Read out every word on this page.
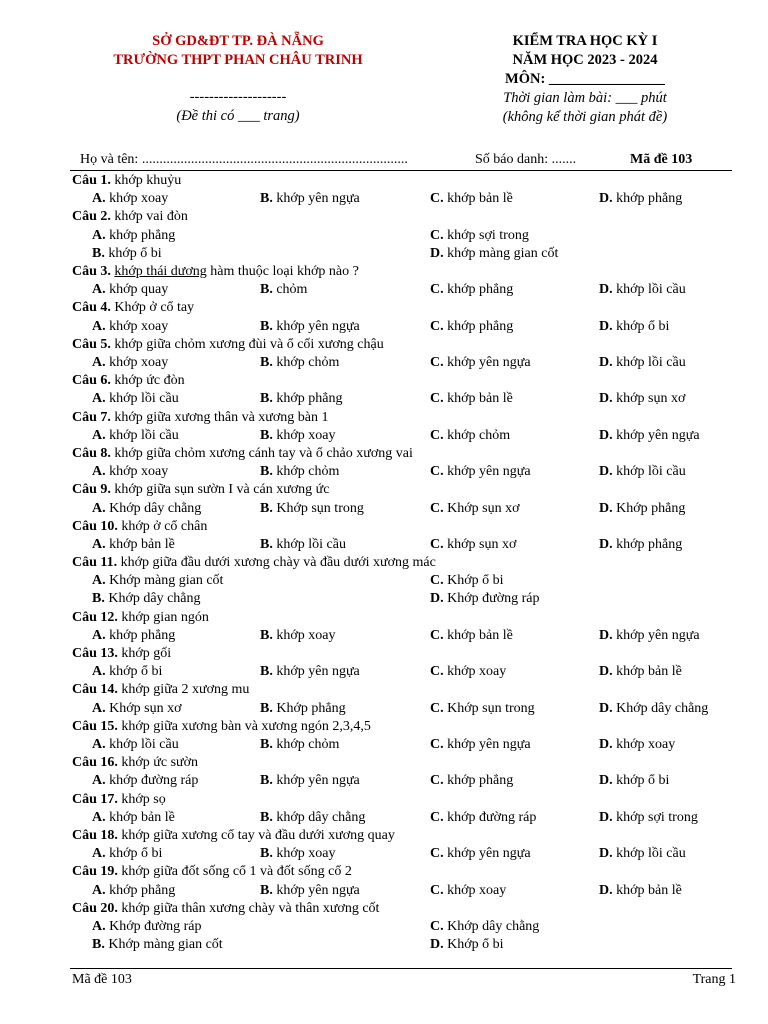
SỞ GD&ĐT TP. ĐÀ NẴNG
TRƯỜNG THPT PHAN CHÂU TRINH
--------------------
(Đề thi có ___ trang)
KIỂM TRA HỌC KỲ I
NĂM HỌC 2023 - 2024
MÔN: ________________
Thời gian làm bài: ___ phút
(không kể thời gian phát đề)
Họ và tên: ............................................................................	Số báo danh: .......	Mã đề 103
Câu 1. khớp khuỷu
A. khớp xoay	B. khớp yên ngựa	C. khớp bản lề	D. khớp phẳng
Câu 2. khớp vai đòn
A. khớp phẳng	C. khớp sợi trong
B. khớp ổ bi	D. khớp màng gian cốt
Câu 3. khớp thái dương hàm thuộc loại khớp nào ?
A. khớp quay	B. chỏm	C. khớp phẳng	D. khớp lồi cầu
Câu 4. Khớp ở cổ tay
A. khớp xoay	B. khớp yên ngựa	C. khớp phẳng	D. khớp ổ bi
Câu 5. khớp giữa chỏm xương đùi và ổ cối xương chậu
A. khớp xoay	B. khớp chỏm	C. khớp yên ngựa	D. khớp lồi cầu
Câu 6. khớp ức đòn
A. khớp lồi cầu	B. khớp phẳng	C. khớp bản lề	D. khớp sụn xơ
Câu 7. khớp giữa xương thân và xương bàn 1
A. khớp lồi cầu	B. khớp xoay	C. khớp chỏm	D. khớp yên ngựa
Câu 8. khớp giữa chỏm xương cánh tay và ổ chảo xương vai
A. khớp xoay	B. khớp chỏm	C. khớp yên ngựa	D. khớp lồi cầu
Câu 9. khớp giữa sụn sườn I và cán xương ức
A. Khớp dây chằng	B. Khớp sụn trong	C. Khớp sụn xơ	D. Khớp phẳng
Câu 10. khớp ở cổ chân
A. khớp bản lề	B. khớp lồi cầu	C. khớp sụn xơ	D. khớp phẳng
Câu 11. khớp giữa đầu dưới xương chày và đầu dưới xương mác
A. Khớp màng gian cốt	C. Khớp ổ bi
B. Khớp dây chằng	D. Khớp đường ráp
Câu 12. khớp gian ngón
A. khớp phẳng	B. khớp xoay	C. khớp bản lề	D. khớp yên ngựa
Câu 13. khớp gối
A. khớp ổ bi	B. khớp yên ngựa	C. khớp xoay	D. khớp bản lề
Câu 14. khớp giữa 2 xương mu
A. Khớp sụn xơ	B. Khớp phẳng	C. Khớp sụn trong	D. Khớp dây chằng
Câu 15. khớp giữa xương bàn và xương ngón 2,3,4,5
A. khớp lồi cầu	B. khớp chỏm	C. khớp yên ngựa	D. khớp xoay
Câu 16. khớp ức sườn
A. khớp đường ráp	B. khớp yên ngựa	C. khớp phẳng	D. khớp ổ bi
Câu 17. khớp sọ
A. khớp bản lề	B. khớp dây chằng	C. khớp đường ráp	D. khớp sợi trong
Câu 18. khớp giữa xương cổ tay và đầu dưới xương quay
A. khớp ổ bi	B. khớp xoay	C. khớp yên ngựa	D. khớp lồi cầu
Câu 19. khớp giữa đốt sống cổ 1 và đốt sống cổ 2
A. khớp phẳng	B. khớp yên ngựa	C. khớp xoay	D. khớp bản lề
Câu 20. khớp giữa thân xương chày và thân xương cốt
A. Khớp đường ráp	C. Khớp dây chằng
B. Khớp màng gian cốt	D. Khớp ổ bi
Mã đề 103	Trang 1
